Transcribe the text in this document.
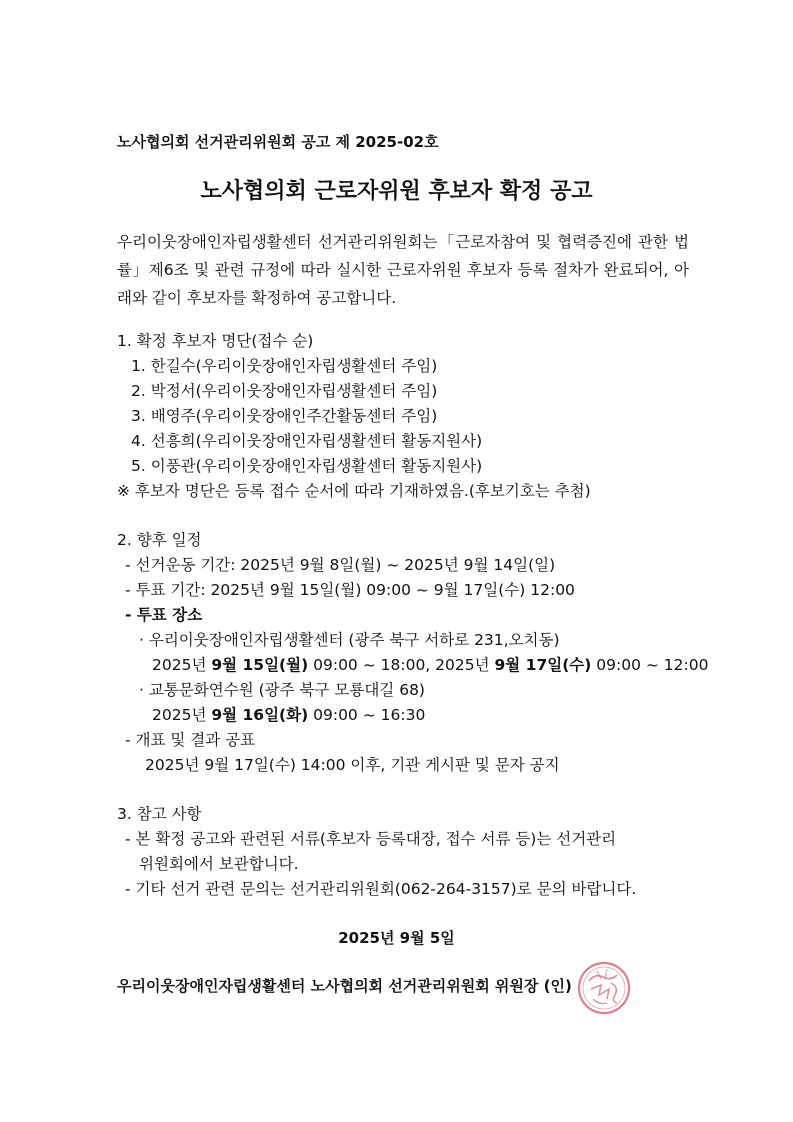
노사협의회 선거관리위원회 공고 제 2025-02호
노사협의회 근로자위원 후보자 확정 공고
우리이웃장애인자립생활센터 선거관리위원회는「근로자참여 및 협력증진에 관한 법률」제6조 및 관련 규정에 따라 실시한 근로자위원 후보자 등록 절차가 완료되어, 아래와 같이 후보자를 확정하여 공고합니다.
1. 확정 후보자 명단(접수 순)
1. 한길수(우리이웃장애인자립생활센터 주임)
2. 박정서(우리이웃장애인자립생활센터 주임)
3. 배영주(우리이웃장애인주간활동센터 주임)
4. 선흥희(우리이웃장애인자립생활센터 활동지원사)
5. 이풍관(우리이웃장애인자립생활센터 활동지원사)
※ 후보자 명단은 등록 접수 순서에 따라 기재하였음.(후보기호는 추첨)
2. 향후 일정
- 선거운동 기간: 2025년 9월 8일(월) ~ 2025년 9월 14일(일)
- 투표 기간: 2025년 9월 15일(월) 09:00 ~ 9월 17일(수) 12:00
- 투표 장소
· 우리이웃장애인자립생활센터 (광주 북구 서하로 231,오치동)
2025년 9월 15일(월) 09:00 ~ 18:00, 2025년 9월 17일(수) 09:00 ~ 12:00
· 교통문화연수원 (광주 북구 모룡대길 68)
2025년 9월 16일(화) 09:00 ~ 16:30
- 개표 및 결과 공표
2025년 9월 17일(수) 14:00 이후, 기관 게시판 및 문자 공지
3. 참고 사항
- 본 확정 공고와 관련된 서류(후보자 등록대장, 접수 서류 등)는 선거관리
위원회에서 보관합니다.
- 기타 선거 관련 문의는 선거관리위원회(062-264-3157)로 문의 바랍니다.
2025년 9월 5일
우리이웃장애인자립생활센터 노사협의회 선거관리위원회 위원장 (인)
